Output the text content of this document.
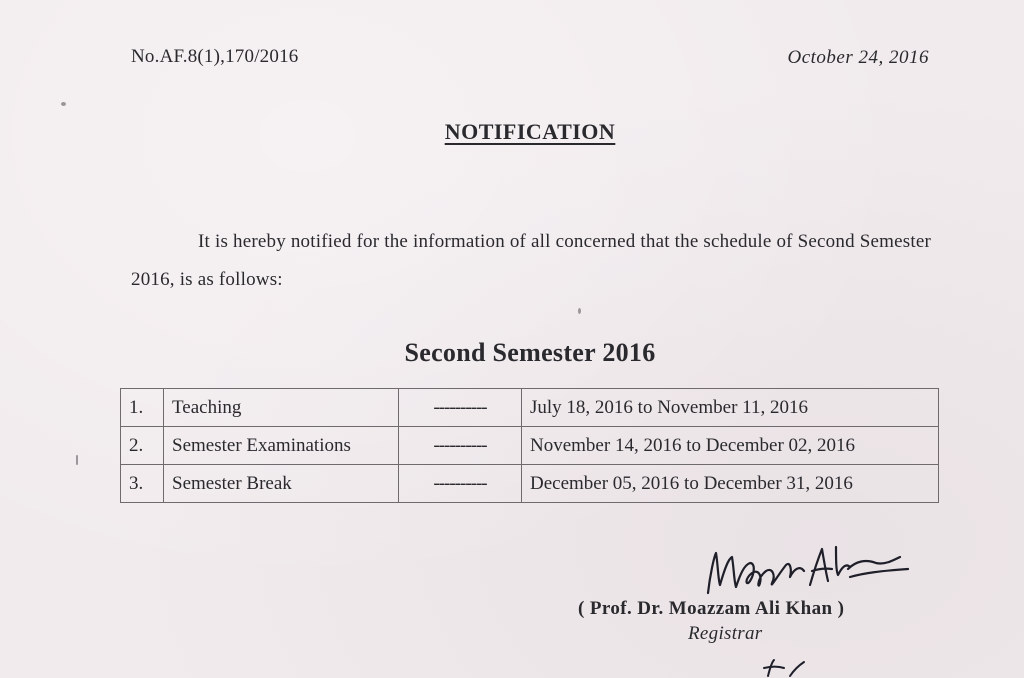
No.AF.8(1),170/2016	October 24, 2016
NOTIFICATION

It is hereby notified for the information of all concerned that the schedule of Second Semester 2016, is as follows:

Second Semester 2016
1.	Teaching	----------	July 18, 2016 to November 11, 2016
2.	Semester Examinations	----------	November 14, 2016 to December 02, 2016
3.	Semester Break	----------	December 05, 2016 to December 31, 2016
( Prof. Dr. Moazzam Ali Khan )
Registrar
